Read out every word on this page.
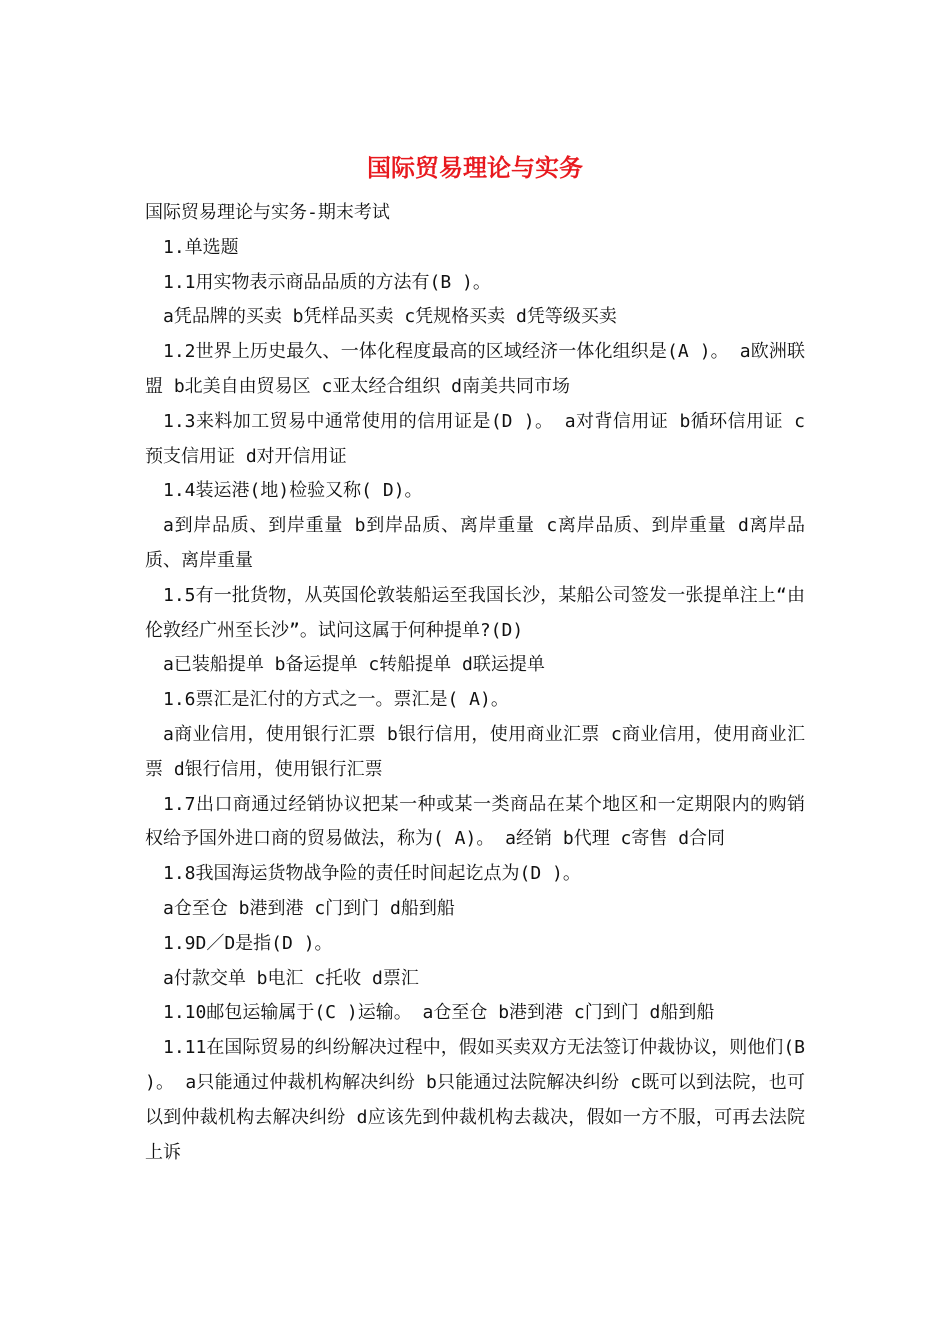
国际贸易理论与实务

国际贸易理论与实务-期末考试

1.单选题

1.1用实物表示商品品质的方法有(B )。

a凭品牌的买卖 b凭样品买卖 c凭规格买卖 d凭等级买卖

1.2世界上历史最久、一体化程度最高的区域经济一体化组织是(A )。 a欧洲联盟 b北美自由贸易区 c亚太经合组织 d南美共同市场

1.3来料加工贸易中通常使用的信用证是(D )。 a对背信用证 b循环信用证 c预支信用证 d对开信用证

1.4装运港(地)检验又称( D)。

a到岸品质、到岸重量 b到岸品质、离岸重量 c离岸品质、到岸重量 d离岸品质、离岸重量

1.5有一批货物，从英国伦敦装船运至我国长沙，某船公司签发一张提单注上“由伦敦经广州至长沙”。试问这属于何种提单?(D)

a已装船提单 b备运提单 c转船提单 d联运提单

1.6票汇是汇付的方式之一。票汇是( A)。

a商业信用，使用银行汇票 b银行信用，使用商业汇票 c商业信用，使用商业汇票 d银行信用，使用银行汇票

1.7出口商通过经销协议把某一种或某一类商品在某个地区和一定期限内的购销权给予国外进口商的贸易做法，称为( A)。 a经销 b代理 c寄售 d合同

1.8我国海运货物战争险的责任时间起讫点为(D )。

a仓至仓 b港到港 c门到门 d船到船

1.9D／D是指(D )。

a付款交单 b电汇 c托收 d票汇

1.10邮包运输属于(C )运输。 a仓至仓 b港到港 c门到门 d船到船

1.11在国际贸易的纠纷解决过程中，假如买卖双方无法签订仲裁协议，则他们(B )。 a只能通过仲裁机构解决纠纷 b只能通过法院解决纠纷 c既可以到法院，也可以到仲裁机构去解决纠纷 d应该先到仲裁机构去裁决，假如一方不服，可再去法院上诉
